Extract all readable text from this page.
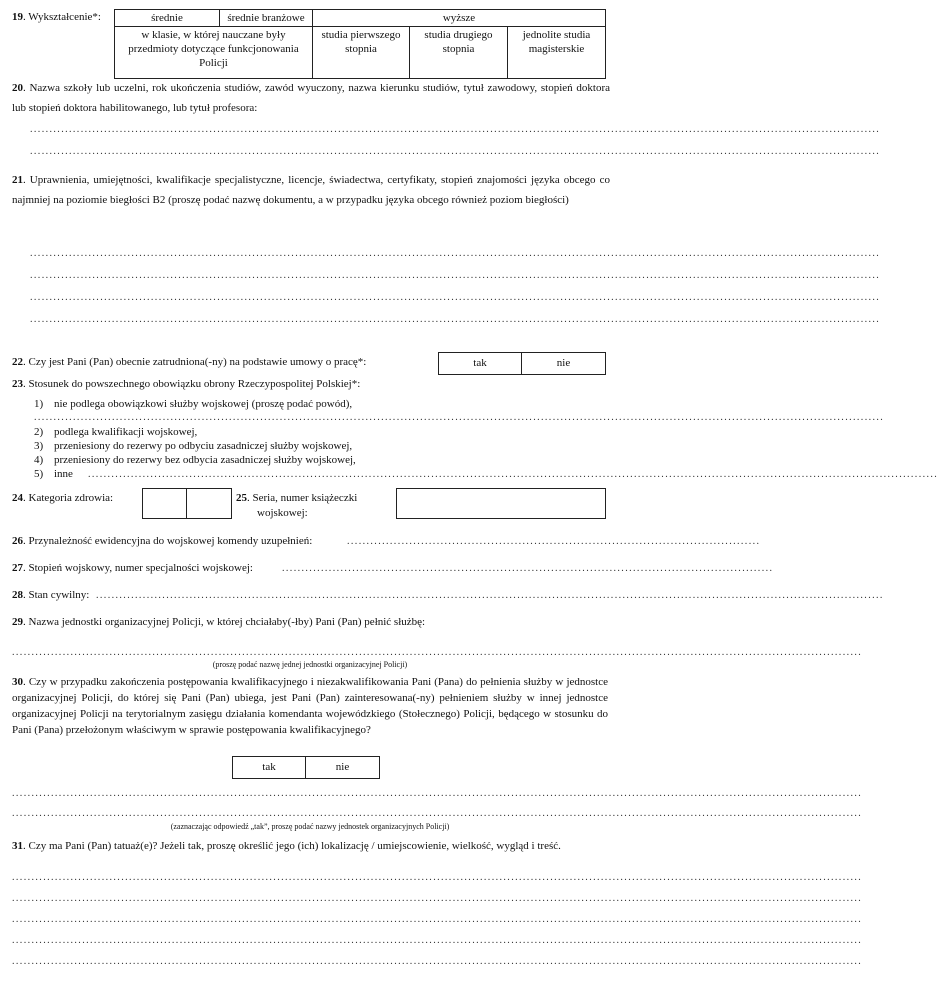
19. Wykształcenie*:	średnie	średnie branżowe	wyższe		
w klasie, w której nauczane były przedmioty dotyczące funkcjonowania Policji		studia pierwszego stopnia	studia drugiego stopnia	jednolite studia magisterskie
20. Nazwa szkoły lub uczelni, rok ukończenia studiów, zawód wyuczony, nazwa kierunku studiów, tytuł zawodowy, stopień doktora lub stopień doktora habilitowanego, lub tytuł profesora:
..........................................................................................................................................................................................................................
..........................................................................................................................................................................................................................
21. Uprawnienia, umiejętności, kwalifikacje specjalistyczne, licencje, świadectwa, certyfikaty, stopień znajomości języka obcego co najmniej na poziomie biegłości B2 (proszę podać nazwę dokumentu, a w przypadku języka obcego również poziom biegłości)
..........................................................................................................................................................................................................................
..........................................................................................................................................................................................................................
..........................................................................................................................................................................................................................
..........................................................................................................................................................................................................................
22. Czy jest Pani (Pan) obecnie zatrudniona(-ny) na podstawie umowy o pracę*:	tak	nie
23. Stosunek do powszechnego obowiązku obrony Rzeczypospolitej Polskiej*:
1) nie podlega obowiązkowi służby wojskowej (proszę podać powód),
..........................................................................................................................................................................................................................
2) podlega kwalifikacji wojskowej,
3) przeniesiony do rezerwy po odbyciu zasadniczej służby wojskowej,
4) przeniesiony do rezerwy bez odbycia zasadniczej służby wojskowej,
5) inne ..........................................................................................................................................................................................................................
24. Kategoria zdrowia:	25. Seria, numer książeczki
wojskowej:
26. Przynależność ewidencyjna do wojskowej komendy uzupełnień:	..........................................................................................................
27. Stopień wojskowy, numer specjalności wojskowej:	..............................................................................................................................
28. Stan cywilny: ..........................................................................................................................................................................................................
29. Nazwa jednostki organizacyjnej Policji, w której chciałaby(-łby) Pani (Pan) pełnić służbę:
..........................................................................................................................................................................................................................
(proszę podać nazwę jednej jednostki organizacyjnej Policji)
30. Czy w przypadku zakończenia postępowania kwalifikacyjnego i niezakwalifikowania Pani (Pana) do pełnienia służby w jednostce organizacyjnej Policji, do której się Pani (Pan) ubiega, jest Pani (Pan) zainteresowana(-ny) pełnieniem służby w innej jednostce organizacyjnej Policji na terytorialnym zasięgu działania komendanta wojewódzkiego (Stołecznego) Policji, będącego w stosunku do Pani (Pana) przełożonym właściwym w sprawie postępowania kwalifikacyjnego?
tak	nie
..........................................................................................................................................................................................................................
..........................................................................................................................................................................................................................
(zaznaczając odpowiedź „tak”, proszę podać nazwy jednostek organizacyjnych Policji)
31. Czy ma Pani (Pan) tatuaż(e)? Jeżeli tak, proszę określić jego (ich) lokalizację / umiejscowienie, wielkość, wygląd i treść.
..........................................................................................................................................................................................................................
..........................................................................................................................................................................................................................
..........................................................................................................................................................................................................................
..........................................................................................................................................................................................................................
..........................................................................................................................................................................................................................
